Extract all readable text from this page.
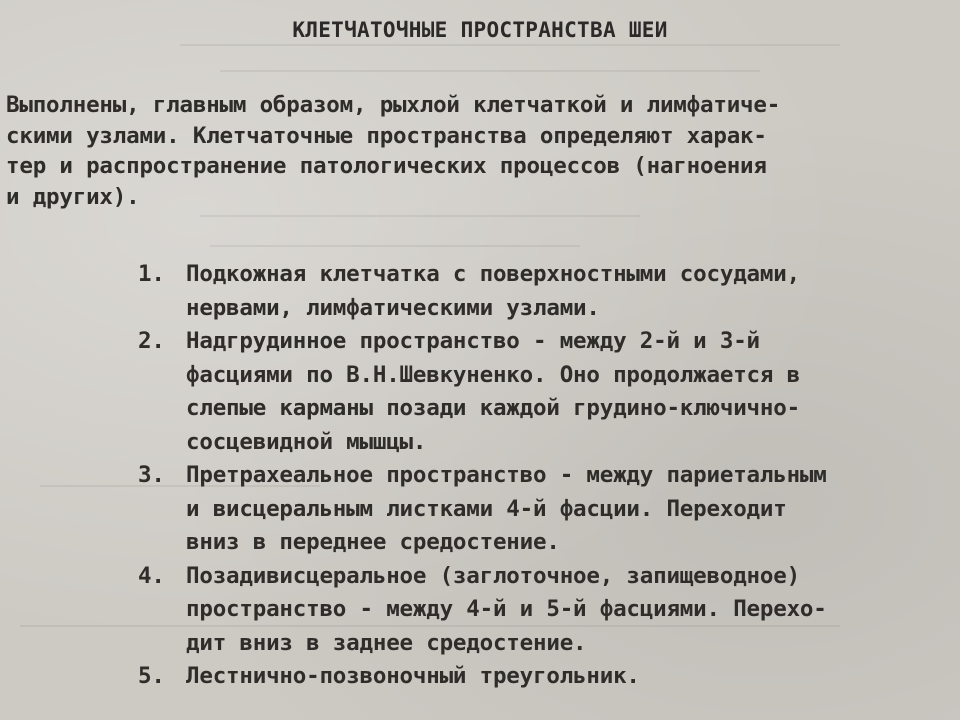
КЛЕТЧАТОЧНЫЕ ПРОСТРАНСТВА ШЕИ

Выполнены, главным образом, рыхлой клетчаткой и лимфатиче-
скими узлами. Клетчаточные пространства определяют харак-
тер и распространение патологических процессов (нагноения
и других).

1. Подкожная клетчатка с поверхностными сосудами,
нервами, лимфатическими узлами.
2. Надгрудинное пространство - между 2-й и 3-й
фасциями по В.Н.Шевкуненко. Оно продолжается в
слепые карманы позади каждой грудино-ключично-
сосцевидной мышцы.
3. Претрахеальное пространство - между париетальным
и висцеральным листками 4-й фасции. Переходит
вниз в переднее средостение.
4. Позадивисцеральное (заглоточное, запищеводное)
пространство - между 4-й и 5-й фасциями. Перехо-
дит вниз в заднее средостение.
5. Лестнично-позвоночный треугольник.
